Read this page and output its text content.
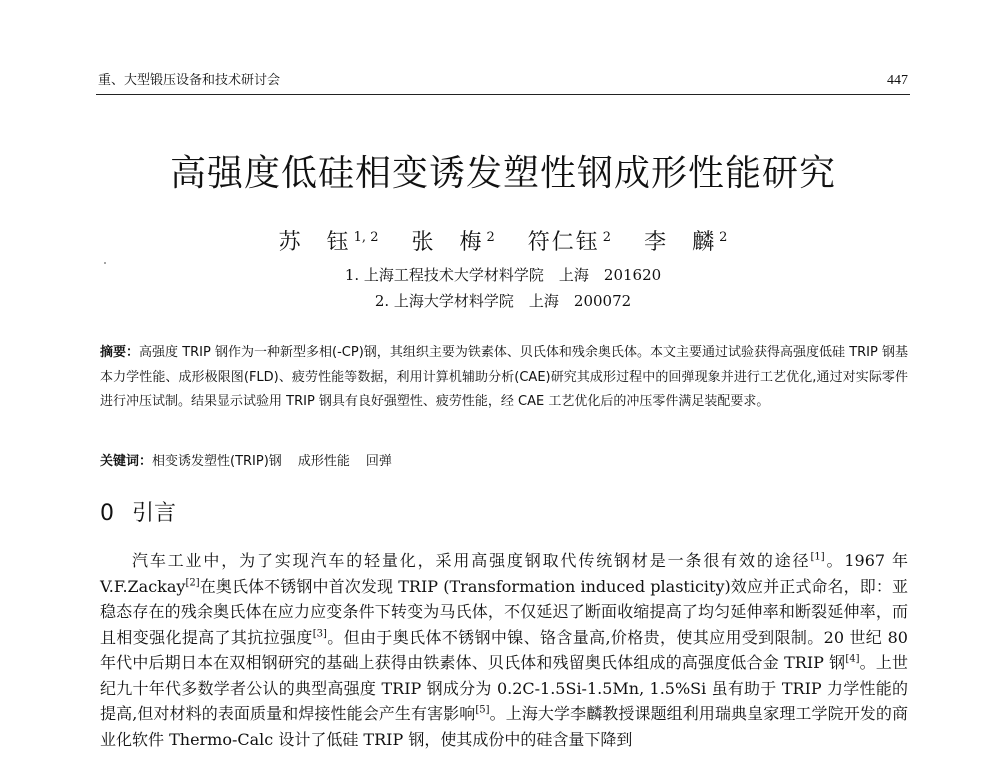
重、大型锻压设备和技术研讨会	447
高强度低硅相变诱发塑性钢成形性能研究
苏　钰 $^{1, 2}$ 张　梅 $^2$ 符仁钰 $^2$ 李　麟 $^2$
1. 上海工程技术大学材料学院　上海　201620
2. 上海大学材料学院　上海　200072
摘要：高强度 TRIP 钢作为一种新型多相(-CP)钢，其组织主要为铁素体、贝氏体和残余奥氏体。本文主要通过试验获得高强度低硅 TRIP 钢基本力学性能、成形极限图(FLD)、疲劳性能等数据，利用计算机辅助分析(CAE)研究其成形过程中的回弹现象并进行工艺优化,通过对实际零件进行冲压试制。结果显示试验用 TRIP 钢具有良好强塑性、疲劳性能，经 CAE 工艺优化后的冲压零件满足装配要求。
关键词：相变诱发塑性(TRIP)钢 成形性能 回弹
0 引言
汽车工业中，为了实现汽车的轻量化，采用高强度钢取代传统钢材是一条很有效的途径[1]。1967 年 V.F.Zackay[2]在奥氏体不锈钢中首次发现 TRIP (Transformation induced plasticity)效应并正式命名，即：亚稳态存在的残余奥氏体在应力应变条件下转变为马氏体，不仅延迟了断面收缩提高了均匀延伸率和断裂延伸率，而且相变强化提高了其抗拉强度[3]。但由于奥氏体不锈钢中镍、铬含量高,价格贵，使其应用受到限制。20 世纪 80 年代中后期日本在双相钢研究的基础上获得由铁素体、贝氏体和残留奥氏体组成的高强度低合金 TRIP 钢[4]。上世纪九十年代多数学者公认的典型高强度 TRIP 钢成分为 0.2C-1.5Si-1.5Mn, 1.5%Si 虽有助于 TRIP 力学性能的提高,但对材料的表面质量和焊接性能会产生有害影响[5]。上海大学李麟教授课题组利用瑞典皇家理工学院开发的商业化软件 Thermo-Calc 设计了低硅 TRIP 钢，使其成份中的硅含量下降到
